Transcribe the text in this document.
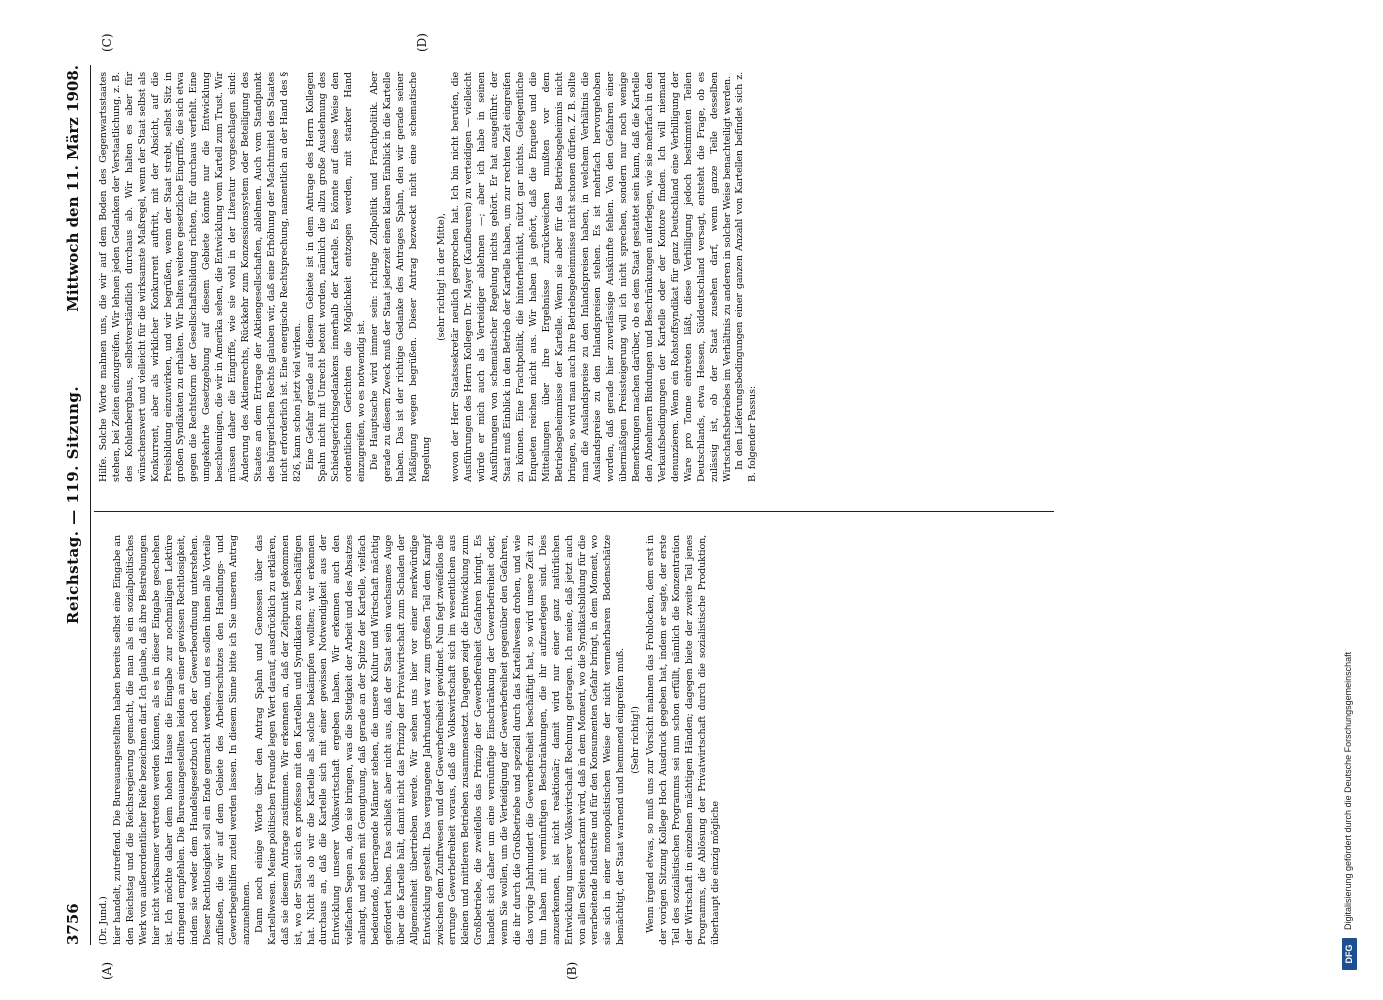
3756
Reichstag. — 119. Sitzung.
Mittwoch den 11. März 1908.
(A)	(B)
(C)	(D)

(Dr. Jund.) hier handelt, zutreffend. Die Bureauangestellten haben bereits selbst eine Eingabe an den Reichstag und die Reichsregierung gemacht, die man als ein sozialpolitisches Werk von außerordentlicher Reife bezeichnen darf. Ich glaube, daß ihre Bestrebungen hier nicht wirksamer vertreten werden können, als es in dieser Eingabe geschehen ist. Ich möchte daher dem hohen Hause die Eingabe zur nochmaligen Lektüre dringend empfehlen. Die Bureauangestellten leiden an einer gewissen Rechtlosigkeit, indem sie weder dem Handelsgesetzbuch noch der Gewerbeordnung unterstehen. Dieser Rechtlosigkeit soll ein Ende gemacht werden, und es sollen ihnen alle Vorteile zufließen, die wir auf dem Gebiete des Arbeiterschutzes den Handlungs- und Gewerbegehilfen zuteil werden lassen. In diesem Sinne bitte ich Sie unseren Antrag anzunehmen. Dann noch einige Worte über den Antrag Spahn und Genossen über das Kartellwesen. Meine politischen Freunde legen Wert darauf, ausdrücklich zu erklären, daß sie diesem Antrage zustimmen. Wir erkennen an, daß der Zeitpunkt gekommen ist, wo der Staat sich ex professo mit den Kartellen und Syndikaten zu beschäftigen hat. Nicht als ob wir die Kartelle als solche bekämpfen wollten; wir erkennen durchaus an, daß die Kartelle sich mit einer gewissen Notwendigkeit aus der Entwicklung unserer Volkswirtschaft ergeben haben. Wir erkennen auch den vielfachen Segen an, den sie bringen, was die Stetigkeit der Arbeit und des Absatzes anlangt, und sehen mit Genugtuung, daß gerade an der Spitze der Kartelle, vielfach bedeutende, überragende Männer stehen, die unsere Kultur und Wirtschaft mächtig gefördert haben. Das schließt aber nicht aus, daß der Staat sein wachsames Auge über die Kartelle hält, damit nicht das Prinzip der Privatwirtschaft zum Schaden der Allgemeinheit übertrieben werde. Wir sehen uns hier vor einer merkwürdige Entwicklung gestellt. Das vergangene Jahrhundert war zum großen Teil dem Kampf zwischen dem Zunftwesen und der Gewerbefreiheit gewidmet. Nun fegt zweifellos die errunge Gewerbefreiheit voraus, daß die Volkswirtschaft sich im wesentlichen aus kleinen und mittleren Betrieben zusammensetzt. Dagegen zeigt die Entwicklung zum Großbetriebe, die zweifellos das Prinzip der Gewerbefreiheit Gefahren bringt. Es handelt sich daher um eine vernünftige Einschränkung der Gewerbefreiheit oder, wenn Sie wollen, um die Verteidigung der Gewerbefreiheit gegenüber den Gefahren, die ihr durch die Großbetriebe und speziell durch das Kartellwesen drohen, und wie das vorige Jahrhundert die Gewerbefreiheit beschäftigt hat, so wird unsere Zeit zu tun haben mit vernünftigen Beschränkungen, die ihr aufzuerlegen sind. Dies anzuerkennen, ist nicht reaktionär; damit wird nur einer ganz natürlichen Entwicklung unserer Volkswirtschaft Rechnung getragen. Ich meine, daß jetzt auch von allen Seiten anerkannt wird, daß in dem Moment, wo die Syndikatsbildung für die verarbeitende Industrie und für den Konsumenten Gefahr bringt, in dem Moment, wo sie sich in einer monopolistischen Weise der nicht vermehrbaren Bodenschätze bemächtigt, der Staat warnend und hemmend eingreifen muß. (Sehr richtig!) Wenn irgend etwas, so muß uns zur Vorsicht mahnen das Frohlocken, dem erst in der vorigen Sitzung Kollege Hoch Ausdruck gegeben hat, indem er sagte, der erste Teil des sozialistischen Programms sei nun schon erfüllt, nämlich die Konzentration der Wirtschaft in einzelnen mächtigen Händen; dagegen biete der zweite Teil jenes Programms, die Ablösung der Privatwirtschaft durch die sozialistische Produktion, überhaupt die einzig mögliche

Hilfe. Solche Worte mahnen uns, die wir auf dem Boden des Gegenwartsstaates stehen, bei Zeiten einzugreifen. Wir lehnen jeden Gedanken der Verstaatlichung, z. B. des Kohlenbergbaus, selbstverständlich durchaus ab. Wir halten es aber für wünschenswert und vielleicht für die wirksamste Maßregel, wenn der Staat selbst als Konkurrent, aber als wirklicher Konkurrent auftritt, mit der Absicht, auf die Preisbildung einzuwirken, und wir begrüßen, wenn der Staat strebt, selbst Sitz in großen Syndikaten zu erhalten. Wir halten weitere gesetzliche Eingriffe, die sich etwa gegen die Rechtsform der Gesellschaftsbildung richten, für durchaus verfehlt. Eine umgekehrte Gesetzgebung auf diesem Gebiete könnte nur die Entwicklung beschleunigen, die wir in Amerika sehen, die Entwicklung vom Kartell zum Trust. Wir müssen daher die Eingriffe, wie sie wohl in der Literatur vorgeschlagen sind: Änderung des Aktienrechts, Rückkehr zum Konzessionssystem oder Beteiligung des Staates an dem Ertrage der Aktiengesellschaften, ablehnen. Auch vom Standpunkt des bürgerlichen Rechts glauben wir, daß eine Erhöhung der Machtmittel des Staates nicht erforderlich ist. Eine energische Rechtsprechung, namentlich an der Hand des § 826, kann schon jetzt viel wirken. Eine Gefahr gerade auf diesem Gebiete ist in dem Antrage des Herrn Kollegen Spahn nicht mit Unrecht betont worden, nämlich die allzu große Ausdehnung des Schiedsgerichtsgedankens innerhalb der Kartelle. Es könnte auf diese Weise den ordentlichen Gerichten die Möglichkeit entzogen werden, mit starker Hand einzugreifen, wo es notwendig ist. Die Hauptsache wird immer sein: richtige Zollpolitik und Frachtpolitik. Aber gerade zu diesem Zweck muß der Staat jederzeit einen klaren Einblick in die Kartelle haben. Das ist der richtige Gedanke des Antrages Spahn, den wir gerade seiner Mäßigung wegen begrüßen. Dieser Antrag bezweckt nicht eine schematische Regelung

(sehr richtig! in der Mitte), wovon der Herr Staatssekretär neulich gesprochen hat. Ich bin nicht berufen, die Ausführungen des Herrn Kollegen Dr. Mayer (Kaufbeuren) zu verteidigen — vielleicht würde er mich auch als Verteidiger ablehnen —; aber ich habe in seinen Ausführungen von schematischer Regelung nichts gehört. Er hat ausgeführt: der Staat muß Einblick in den Betrieb der Kartelle haben, um zur rechten Zeit eingreifen zu können. Eine Frachtpolitik, die hinterherhinkt, nützt gar nichts. Gelegentliche Enqueten reichen nicht aus. Wir haben ja gehört, daß die Enquete und die Mitteilungen über ihre Ergebnisse zurückweichen mußten vor dem Betriebsgeheimnisse der Kartelle. Wenn sie aber für das Betriebsgeheimnis nicht bringen, so wird man auch ihre Betriebsgeheimnisse nicht schonen dürfen. Z. B. sollte man die Auslandspreise zu den Inlandspreisen haben, in welchem Verhältnis die Auslandspreise zu den Inlandspreisen stehen. Es ist mehrfach hervorgehoben worden, daß gerade hier zuverlässige Auskünfte fehlen. Von den Gefahren einer übermäßigen Preissteigerung will ich nicht sprechen, sondern nur noch wenige Bemerkungen machen darüber, ob es dem Staat gestattet sein kann, daß die Kartelle den Abnehmern Bindungen und Beschränkungen auferlegen, wie sie mehrfach in den Verkaufsbedingungen der Kartelle oder der Kontore finden. Ich will niemand denunzieren. Wenn ein Rohstoffsyndikat für ganz Deutschland eine Verbilligung der Ware pro Tonne eintreten läßt, diese Verbilligung jedoch bestimmten Teilen Deutschlands, etwa Hessen, Süddeutschland versagt, entsteht die Frage, ob es zulässig ist, ob der Staat zusehen darf, wenn ganze Teile desselben Wirtschaftsbetriebes im Verhältnis zu anderen in solcher Weise benachteiligt werden. In den Lieferungsbedingungen einer ganzen Anzahl von Kartellen befindet sich z. B. folgender Passus:

DFG
Digitalisierung gefördert durch die Deutsche Forschungsgemeinschaft
